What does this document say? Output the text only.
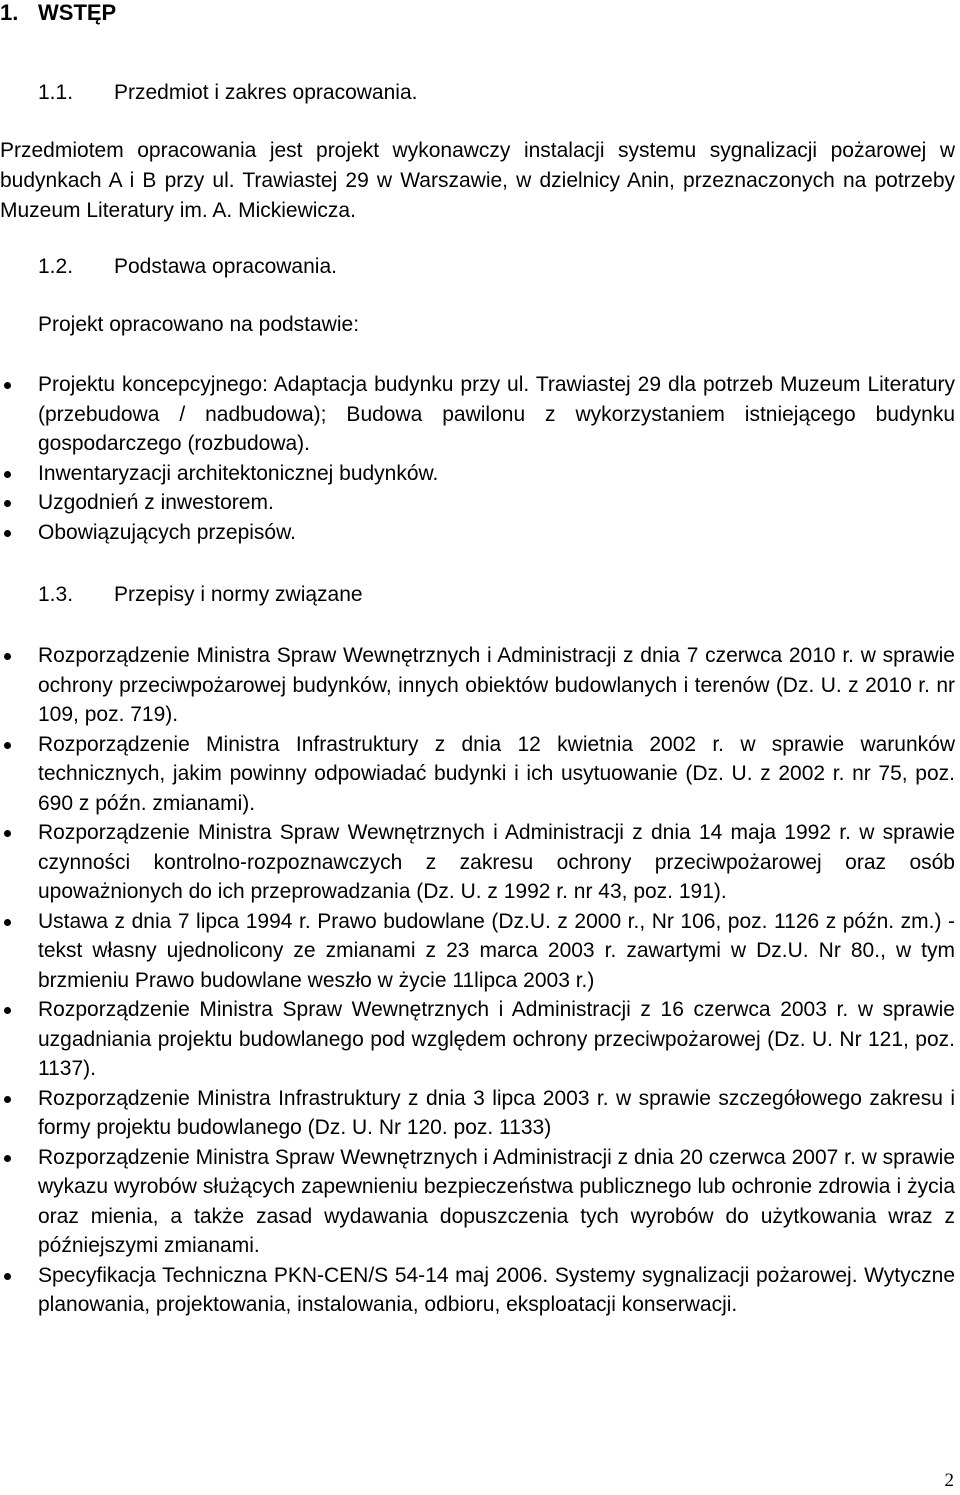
1. WSTĘP
1.1. Przedmiot i zakres opracowania.
Przedmiotem opracowania jest projekt wykonawczy instalacji systemu sygnalizacji pożarowej w budynkach A i B przy ul. Trawiastej 29 w Warszawie, w dzielnicy Anin, przeznaczonych na potrzeby Muzeum Literatury im. A. Mickiewicza.
1.2. Podstawa opracowania.
Projekt opracowano na podstawie:
Projektu koncepcyjnego: Adaptacja budynku przy ul. Trawiastej 29 dla potrzeb Muzeum Literatury (przebudowa / nadbudowa); Budowa pawilonu z wykorzystaniem istniejącego budynku gospodarczego (rozbudowa).
Inwentaryzacji architektonicznej budynków.
Uzgodnień z inwestorem.
Obowiązujących przepisów.
1.3. Przepisy i normy związane
Rozporządzenie Ministra Spraw Wewnętrznych i Administracji z dnia 7 czerwca 2010 r. w sprawie ochrony przeciwpożarowej budynków, innych obiektów budowlanych i terenów (Dz. U. z 2010 r. nr 109, poz. 719).
Rozporządzenie Ministra Infrastruktury z dnia 12 kwietnia 2002 r. w sprawie warunków technicznych, jakim powinny odpowiadać budynki i ich usytuowanie (Dz. U. z 2002 r. nr 75, poz. 690 z późn. zmianami).
Rozporządzenie Ministra Spraw Wewnętrznych i Administracji z dnia 14 maja 1992 r. w sprawie czynności kontrolno-rozpoznawczych z zakresu ochrony przeciwpożarowej oraz osób upoważnionych do ich przeprowadzania (Dz. U. z 1992 r. nr 43, poz. 191).
Ustawa z dnia 7 lipca 1994 r. Prawo budowlane (Dz.U. z 2000 r., Nr 106, poz. 1126 z późn. zm.) - tekst własny ujednolicony ze zmianami z 23 marca 2003 r. zawartymi w Dz.U. Nr 80., w tym brzmieniu Prawo budowlane weszło w życie 11lipca 2003 r.)
Rozporządzenie Ministra Spraw Wewnętrznych i Administracji z 16 czerwca 2003 r. w sprawie uzgadniania projektu budowlanego pod względem ochrony przeciwpożarowej (Dz. U. Nr 121, poz. 1137).
Rozporządzenie Ministra Infrastruktury z dnia 3 lipca 2003 r. w sprawie szczegółowego zakresu i formy projektu budowlanego (Dz. U. Nr 120. poz. 1133)
Rozporządzenie Ministra Spraw Wewnętrznych i Administracji z dnia 20 czerwca 2007 r. w sprawie wykazu wyrobów służących zapewnieniu bezpieczeństwa publicznego lub ochronie zdrowia i życia oraz mienia, a także zasad wydawania dopuszczenia tych wyrobów do użytkowania wraz z późniejszymi zmianami.
Specyfikacja Techniczna PKN-CEN/S 54-14 maj 2006. Systemy sygnalizacji pożarowej. Wytyczne planowania, projektowania, instalowania, odbioru, eksploatacji konserwacji.
2
